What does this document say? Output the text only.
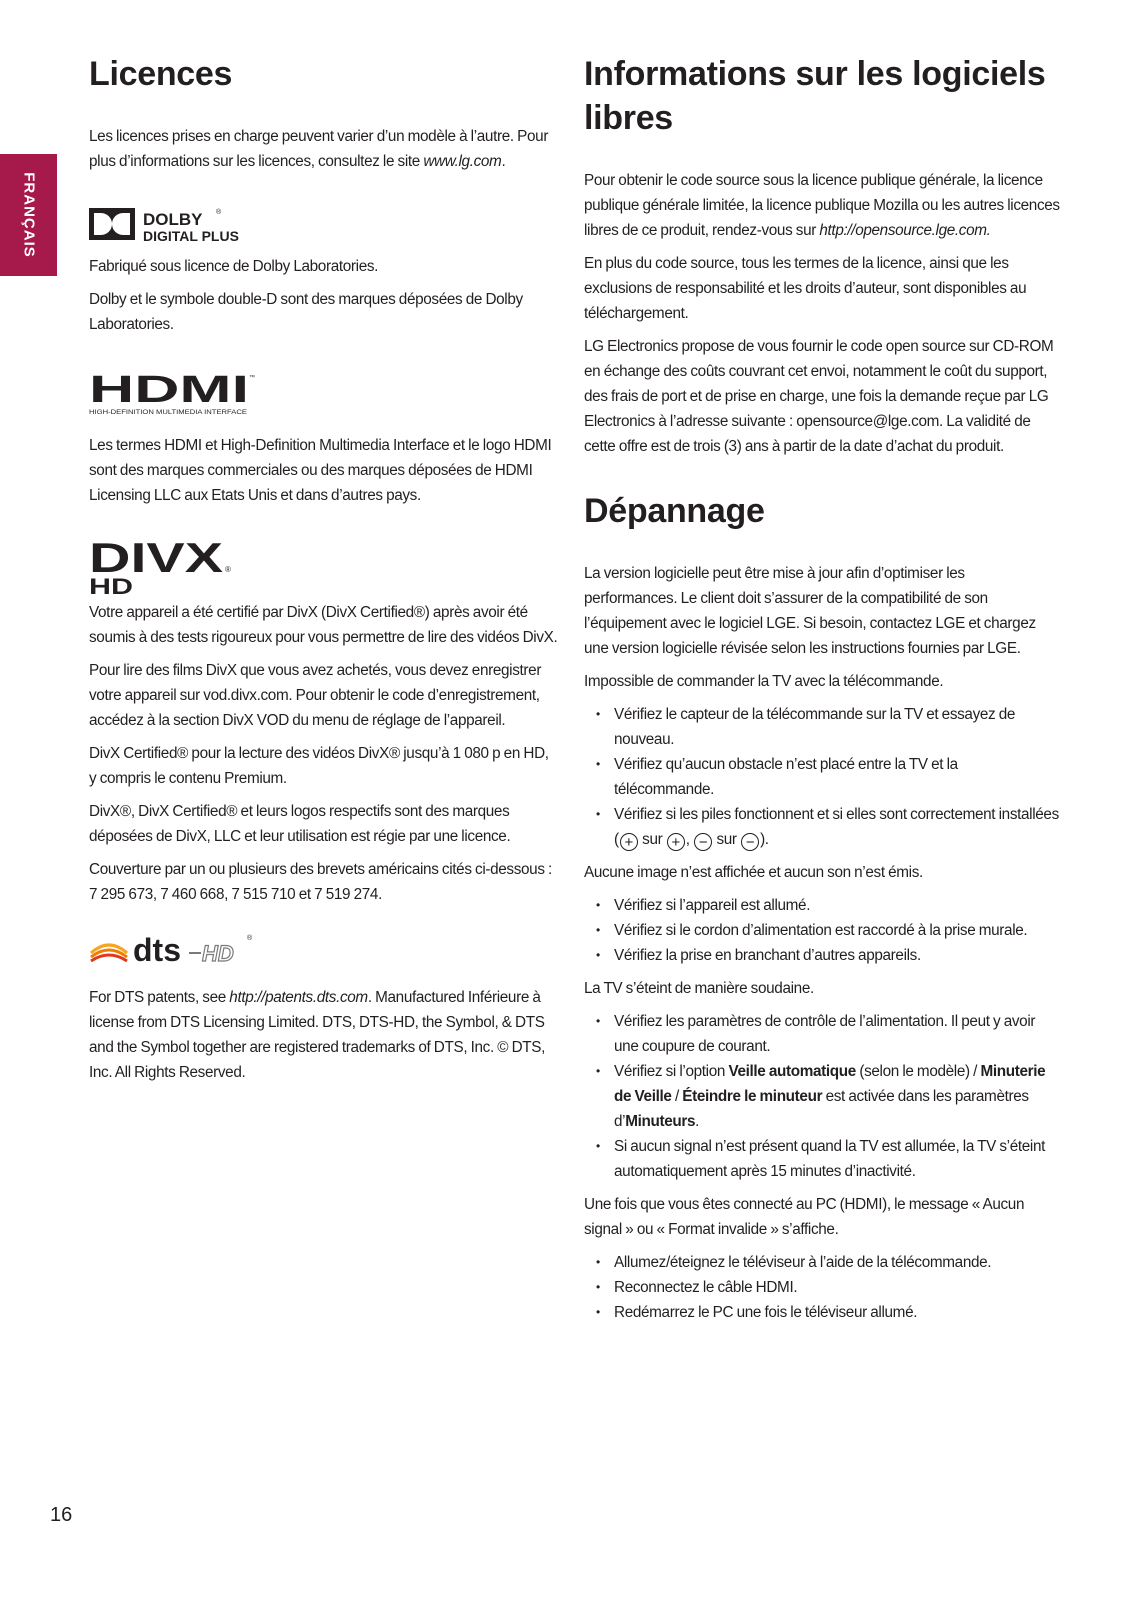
FRANÇAIS
Licences

Les licences prises en charge peuvent varier d’un modèle à l’autre. Pour plus d’informations sur les licences, consultez le site www.lg.com.

DOLBY
DIGITAL PLUS
®

Fabriqué sous licence de Dolby Laboratories.

Dolby et le symbole double-D sont des marques déposées de Dolby Laboratories.

HDMI ™
HIGH-DEFINITION MULTIMEDIA INTERFACE

Les termes HDMI et High-Definition Multimedia Interface et le logo HDMI sont des marques commerciales ou des marques déposées de HDMI Licensing LLC aux Etats Unis et dans d’autres pays.

DIVX ®
HD

Votre appareil a été certifié par DivX (DivX Certified®) après avoir été soumis à des tests rigoureux pour vous permettre de lire des vidéos DivX.

Pour lire des films DivX que vous avez achetés, vous devez enregistrer votre appareil sur vod.divx.com. Pour obtenir le code d’enregistrement, accédez à la section DivX VOD du menu de réglage de l’appareil.

DivX Certified® pour la lecture des vidéos DivX® jusqu’à 1 080 p en HD, y compris le contenu Premium.

DivX®, DivX Certified® et leurs logos respectifs sont des marques déposées de DivX, LLC et leur utilisation est régie par une licence.

Couverture par un ou plusieurs des brevets américains cités ci-dessous : 7 295 673, 7 460 668, 7 515 710 et 7 519 274.

dts HD
®

For DTS patents, see http://patents.dts.com. Manufactured Inférieure à license from DTS Licensing Limited. DTS, DTS-HD, the Symbol, & DTS and the Symbol together are registered trademarks of DTS, Inc. © DTS, Inc. All Rights Reserved.

Informations sur les logiciels libres

Pour obtenir le code source sous la licence publique générale, la licence publique générale limitée, la licence publique Mozilla ou les autres licences libres de ce produit, rendez-vous sur http://opensource.lge.com.

En plus du code source, tous les termes de la licence, ainsi que les exclusions de responsabilité et les droits d’auteur, sont disponibles au téléchargement.

LG Electronics propose de vous fournir le code open source sur CD-ROM en échange des coûts couvrant cet envoi, notamment le coût du support, des frais de port et de prise en charge, une fois la demande reçue par LG Electronics à l’adresse suivante : opensource@lge.com. La validité de cette offre est de trois (3) ans à partir de la date d’achat du produit.

Dépannage

La version logicielle peut être mise à jour afin d’optimiser les performances. Le client doit s’assurer de la compatibilité de son l’équipement avec le logiciel LGE. Si besoin, contactez LGE et chargez une version logicielle révisée selon les instructions fournies par LGE.

Impossible de commander la TV avec la télécommande.

• Vérifiez le capteur de la télécommande sur la TV et essayez de nouveau.
• Vérifiez qu’aucun obstacle n’est placé entre la TV et la télécommande.
• Vérifiez si les piles fonctionnent et si elles sont correctement installées ( + sur + , − sur − ).

Aucune image n’est affichée et aucun son n’est émis.

• Vérifiez si l’appareil est allumé.
• Vérifiez si le cordon d’alimentation est raccordé à la prise murale.
• Vérifiez la prise en branchant d’autres appareils.

La TV s’éteint de manière soudaine.

• Vérifiez les paramètres de contrôle de l’alimentation. Il peut y avoir une coupure de courant.
• Vérifiez si l’option Veille automatique (selon le modèle) / Minuterie de Veille / Éteindre le minuteur est activée dans les paramètres d’Minuteurs.
• Si aucun signal n’est présent quand la TV est allumée, la TV s’éteint automatiquement après 15 minutes d’inactivité.

Une fois que vous êtes connecté au PC (HDMI), le message « Aucun signal » ou « Format invalide » s’affiche.

• Allumez/éteignez le téléviseur à l’aide de la télécommande.
• Reconnectez le câble HDMI.
• Redémarrez le PC une fois le téléviseur allumé.
16
